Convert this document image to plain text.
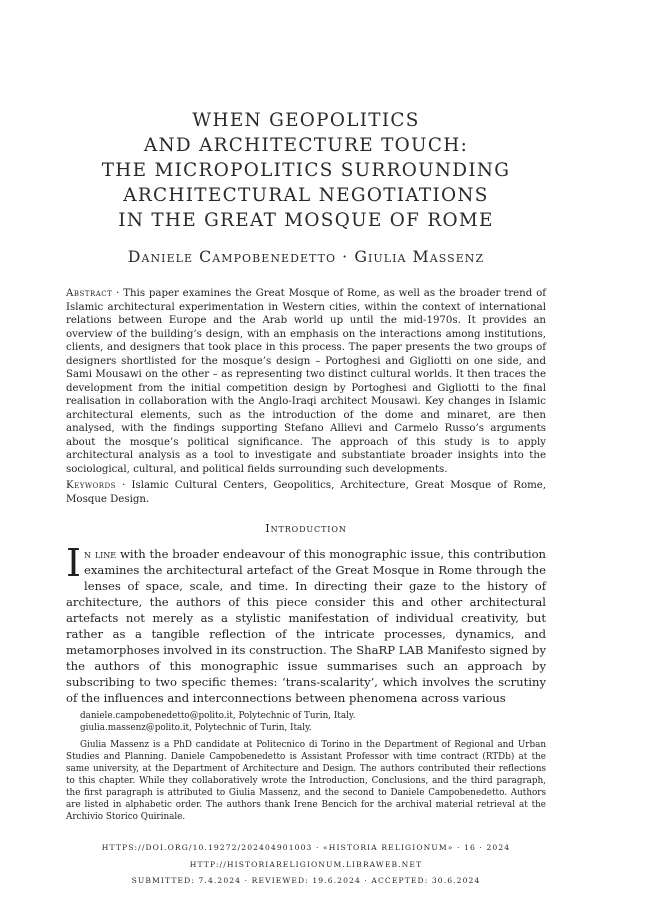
WHEN GEOPOLITICS
AND ARCHITECTURE TOUCH:
THE MICROPOLITICS SURROUNDING
ARCHITECTURAL NEGOTIATIONS
IN THE GREAT MOSQUE OF ROME
Daniele Campobenedetto · Giulia Massenz
Abstract · This paper examines the Great Mosque of Rome, as well as the broader trend of Islamic architectural experimentation in Western cities, within the context of international relations between Europe and the Arab world up until the mid-1970s. It provides an overview of the building’s design, with an emphasis on the interactions among institutions, clients, and designers that took place in this process. The paper presents the two groups of designers shortlisted for the mosque’s design – Portoghesi and Gigliotti on one side, and Sami Mousawi on the other – as representing two distinct cultural worlds. It then traces the development from the initial competition design by Portoghesi and Gigliotti to the final realisation in collaboration with the Anglo-Iraqi architect Mousawi. Key changes in Islamic architectural elements, such as the introduction of the dome and minaret, are then analysed, with the findings supporting Stefano Allievi and Carmelo Russo’s arguments about the mosque’s political significance. The approach of this study is to apply architectural analysis as a tool to investigate and substantiate broader insights into the sociological, cultural, and political fields surrounding such developments.
Keywords · Islamic Cultural Centers, Geopolitics, Architecture, Great Mosque of Rome, Mosque Design.
Introduction
In line with the broader endeavour of this monographic issue, this contribution examines the architectural artefact of the Great Mosque in Rome through the lenses of space, scale, and time. In directing their gaze to the history of architecture, the authors of this piece consider this and other architectural artefacts not merely as a stylistic manifestation of individual creativity, but rather as a tangible reflection of the intricate processes, dynamics, and metamorphoses involved in its construction. The ShaRP LAB Manifesto signed by the authors of this monographic issue summarises such an approach by subscribing to two specific themes: ‘trans-scalarity’, which involves the scrutiny of the influences and interconnections between phenomena across various
daniele.campobenedetto@polito.it, Polytechnic of Turin, Italy.
giulia.massenz@polito.it, Polytechnic of Turin, Italy.
Giulia Massenz is a PhD candidate at Politecnico di Torino in the Department of Regional and Urban Studies and Planning. Daniele Campobenedetto is Assistant Professor with time contract (RTDb) at the same university, at the Department of Architecture and Design. The authors contributed their reflections to this chapter. While they collaboratively wrote the Introduction, Conclusions, and the third paragraph, the first paragraph is attributed to Giulia Massenz, and the second to Daniele Campobenedetto. Authors are listed in alphabetic order. The authors thank Irene Bencich for the archival material retrieval at the Archivio Storico Quirinale.
HTTPS://DOI.ORG/10.19272/202404901003 · «HISTORIA RELIGIONUM» · 16 · 2024
HTTP://HISTORIARELIGIONUM.LIBRAWEB.NET
SUBMITTED: 7.4.2024 · REVIEWED: 19.6.2024 · ACCEPTED: 30.6.2024
